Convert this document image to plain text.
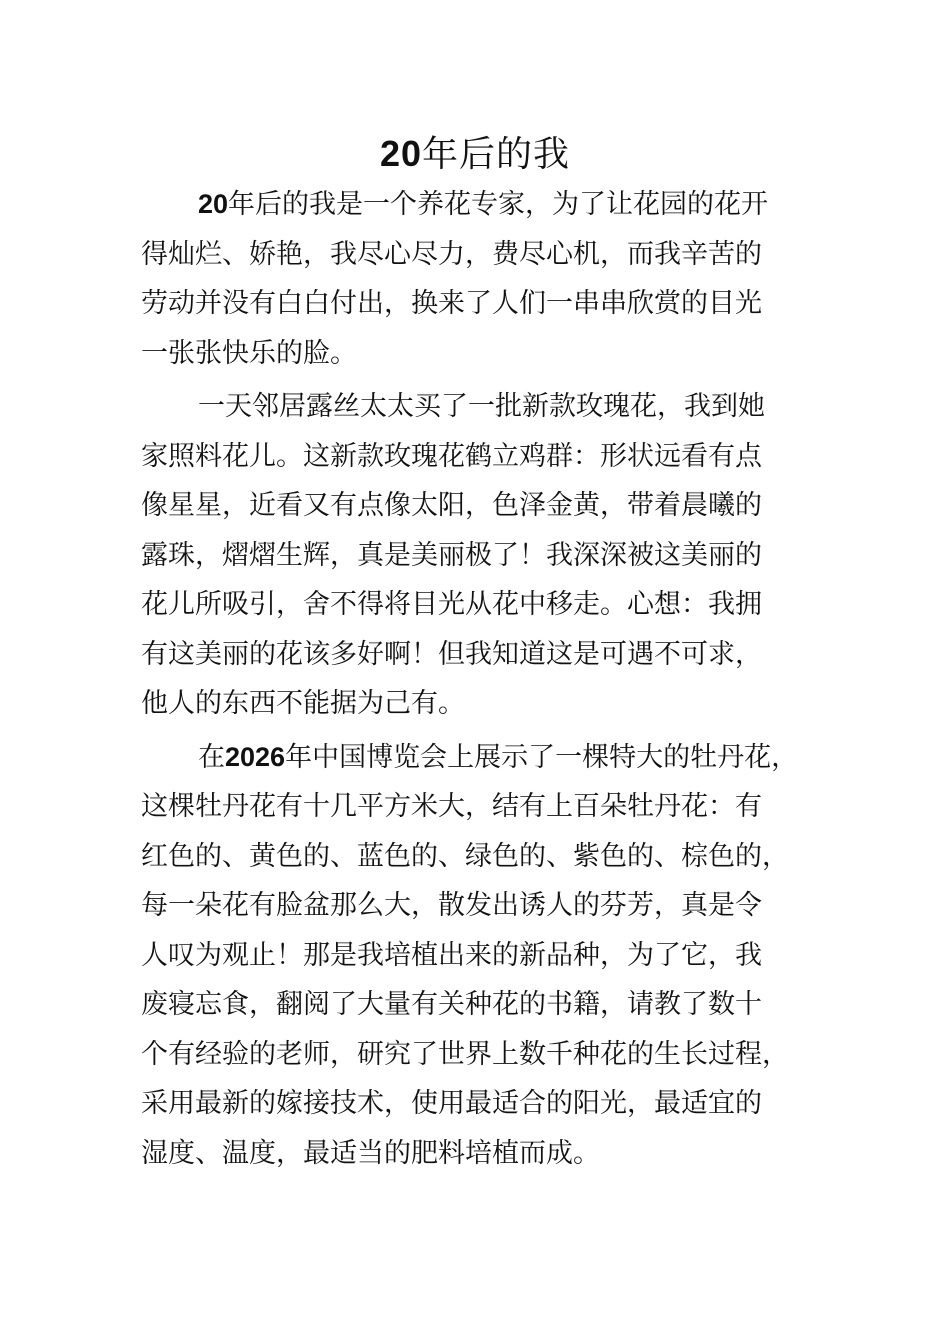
20年后的我
20年后的我是一个养花专家，为了让花园的花开
得灿烂、娇艳，我尽心尽力，费尽心机，而我辛苦的
劳动并没有白白付出，换来了人们一串串欣赏的目光
一张张快乐的脸。
一天邻居露丝太太买了一批新款玫瑰花，我到她
家照料花儿。这新款玫瑰花鹤立鸡群：形状远看有点
像星星，近看又有点像太阳，色泽金黄，带着晨曦的
露珠，熠熠生辉，真是美丽极了！我深深被这美丽的
花儿所吸引，舍不得将目光从花中移走。心想：我拥
有这美丽的花该多好啊！但我知道这是可遇不可求，
他人的东西不能据为己有。
在2026年中国博览会上展示了一棵特大的牡丹花，
这棵牡丹花有十几平方米大，结有上百朵牡丹花：有
红色的、黄色的、蓝色的、绿色的、紫色的、棕色的，
每一朵花有脸盆那么大，散发出诱人的芬芳，真是令
人叹为观止！那是我培植出来的新品种，为了它，我
废寝忘食，翻阅了大量有关种花的书籍，请教了数十
个有经验的老师，研究了世界上数千种花的生长过程，
采用最新的嫁接技术，使用最适合的阳光，最适宜的
湿度、温度，最适当的肥料培植而成。
